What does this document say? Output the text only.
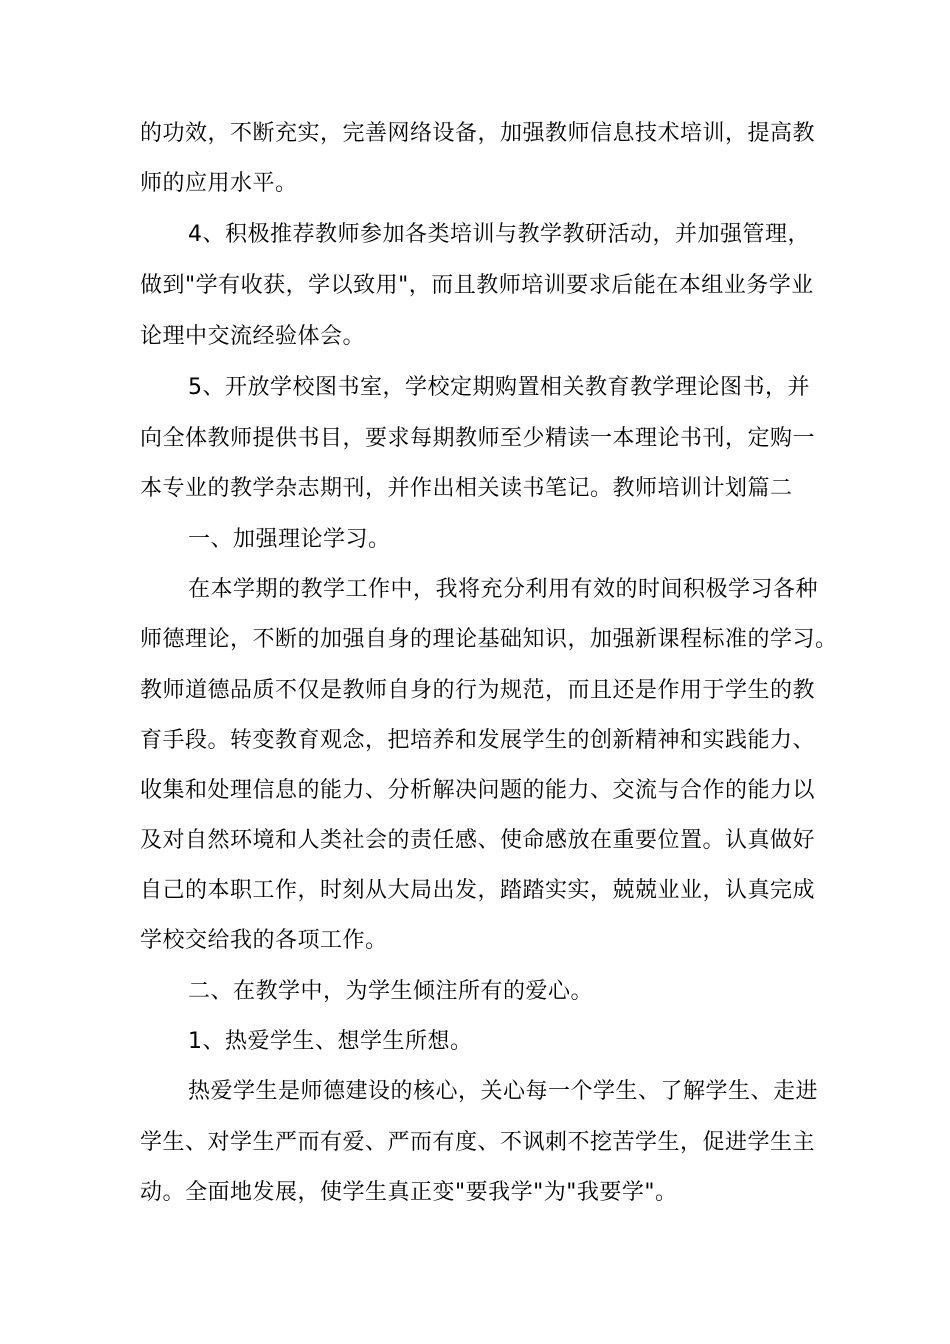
的功效，不断充实，完善网络设备，加强教师信息技术培训，提高教
师的应用水平。
4、积极推荐教师参加各类培训与教学教研活动，并加强管理，
做到"学有收获，学以致用"，而且教师培训要求后能在本组业务学业
论理中交流经验体会。
5、开放学校图书室，学校定期购置相关教育教学理论图书，并
向全体教师提供书目，要求每期教师至少精读一本理论书刊，定购一
本专业的教学杂志期刊，并作出相关读书笔记。教师培训计划篇二
一、加强理论学习。
在本学期的教学工作中，我将充分利用有效的时间积极学习各种
师德理论，不断的加强自身的理论基础知识，加强新课程标准的学习。
教师道德品质不仅是教师自身的行为规范，而且还是作用于学生的教
育手段。转变教育观念，把培养和发展学生的创新精神和实践能力、
收集和处理信息的能力、分析解决问题的能力、交流与合作的能力以
及对自然环境和人类社会的责任感、使命感放在重要位置。认真做好
自己的本职工作，时刻从大局出发，踏踏实实，兢兢业业，认真完成
学校交给我的各项工作。
二、在教学中，为学生倾注所有的爱心。
1、热爱学生、想学生所想。
热爱学生是师德建设的核心，关心每一个学生、了解学生、走进
学生、对学生严而有爱、严而有度、不讽刺不挖苦学生，促进学生主
动。全面地发展，使学生真正变"要我学"为"我要学"。
